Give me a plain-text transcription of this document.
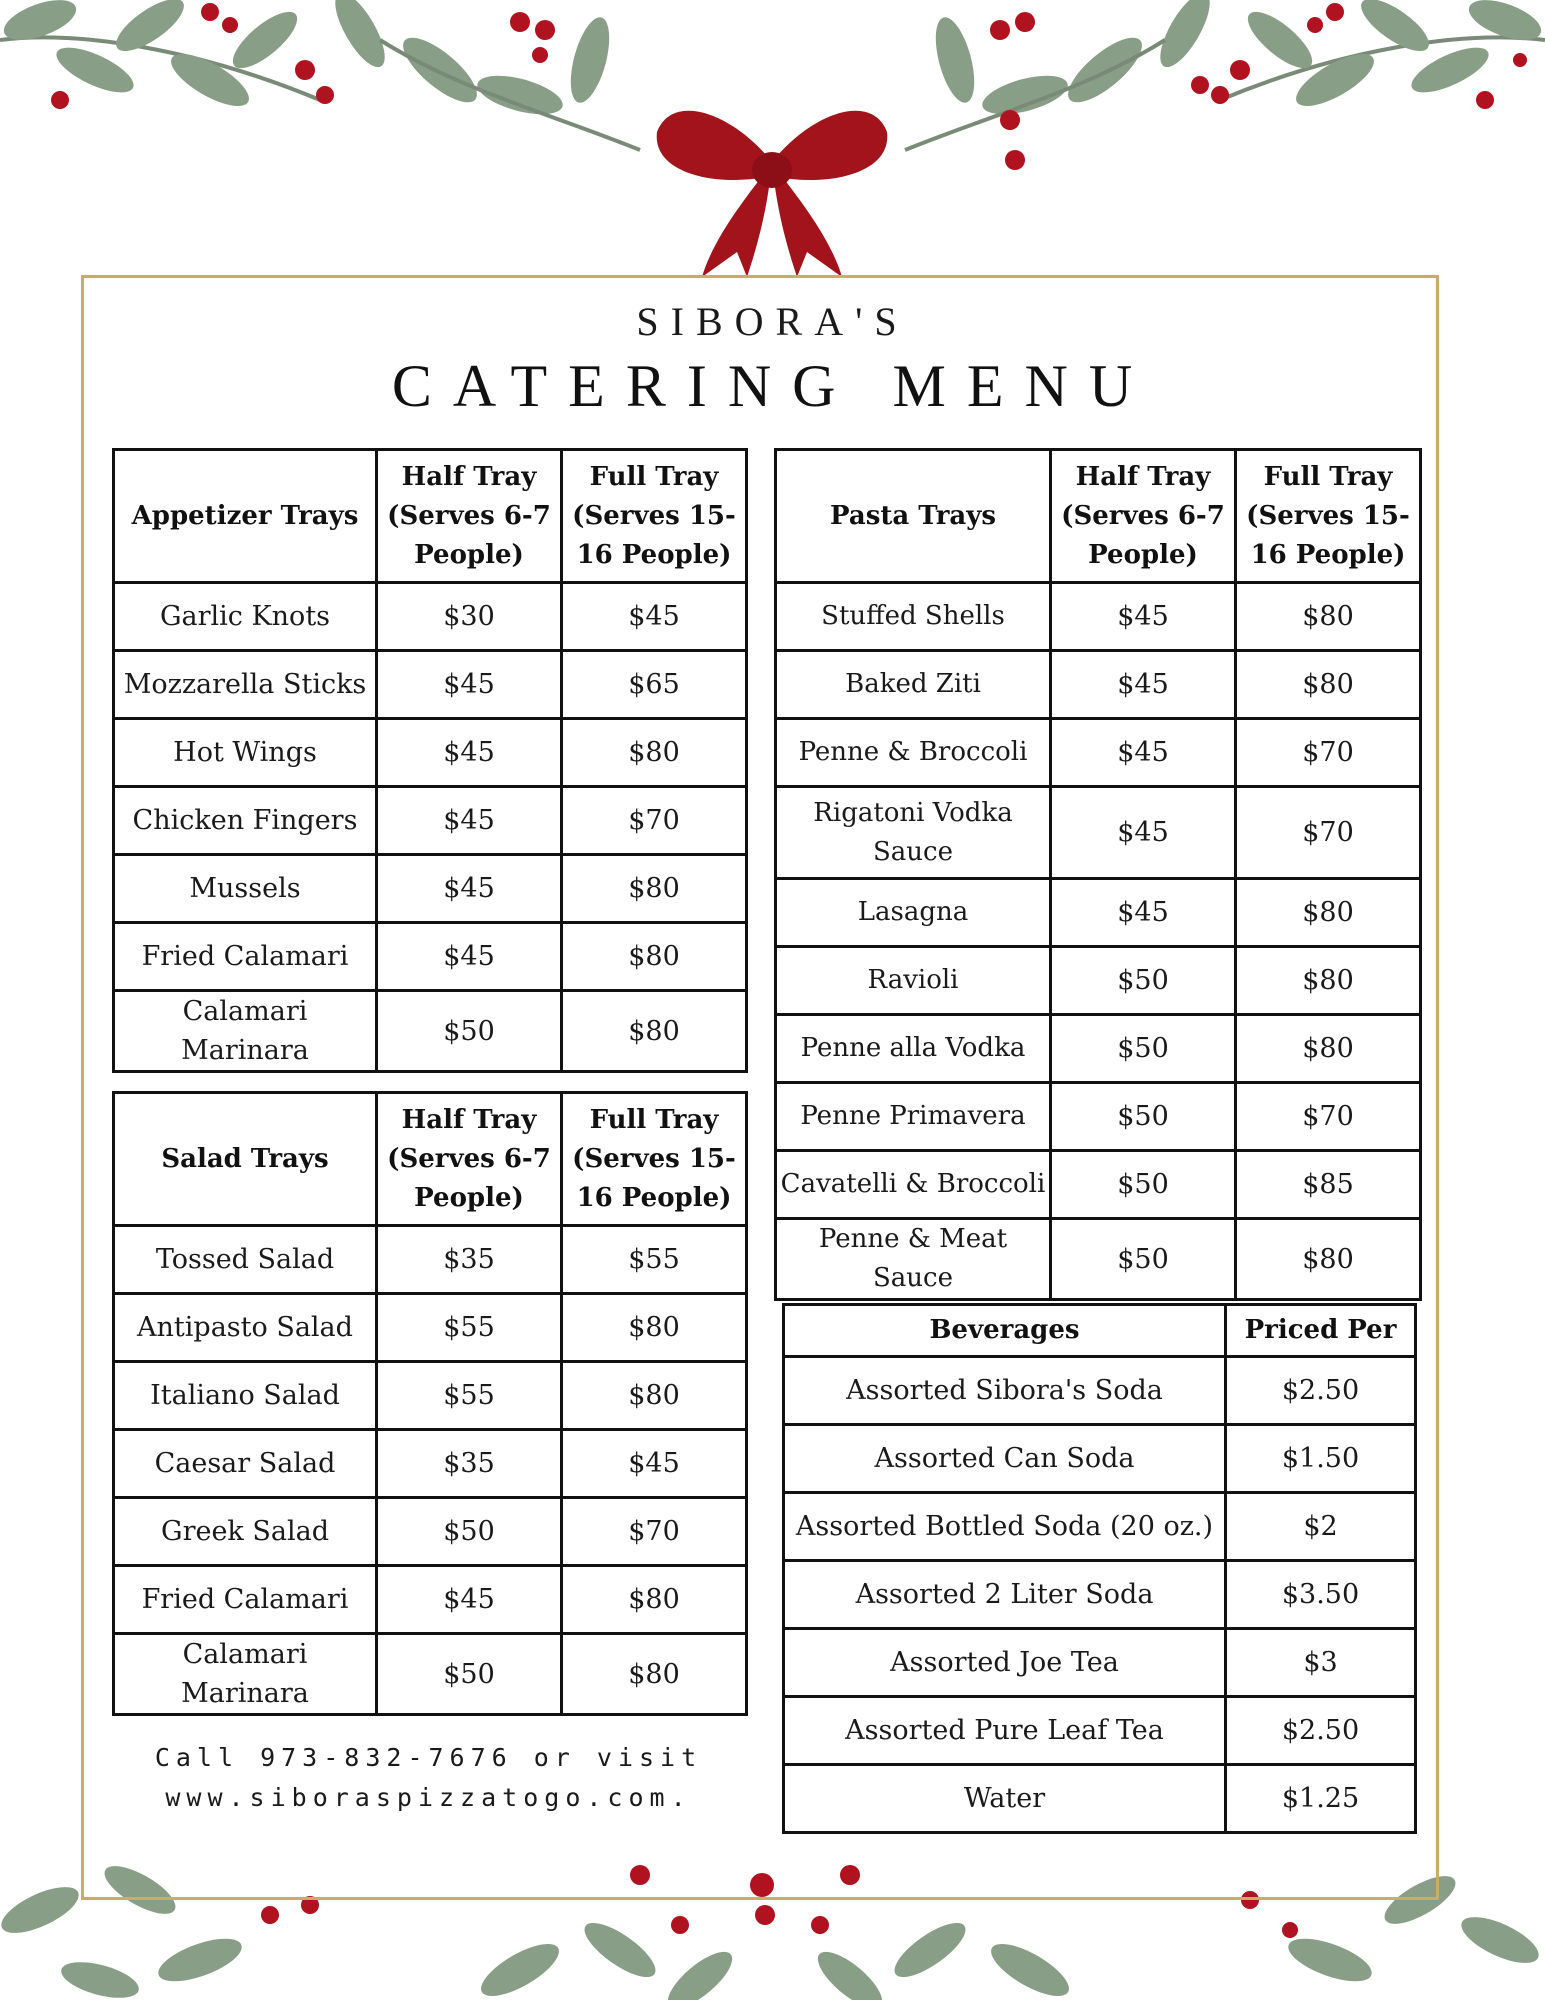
SIBORA'S
CATERING MENU
Appetizer Trays	Half Tray (Serves 6-7 People)	Full Tray (Serves 15-16 People)
Garlic Knots	$30	$45
Mozzarella Sticks	$45	$65
Hot Wings	$45	$80
Chicken Fingers	$45	$70
Mussels	$45	$80
Fried Calamari	$45	$80
Calamari Marinara	$50	$80
Salad Trays	Half Tray (Serves 6-7 People)	Full Tray (Serves 15-16 People)
Tossed Salad	$35	$55
Antipasto Salad	$55	$80
Italiano Salad	$55	$80
Caesar Salad	$35	$45
Greek Salad	$50	$70
Fried Calamari	$45	$80
Calamari Marinara	$50	$80
Pasta Trays	Half Tray (Serves 6-7 People)	Full Tray (Serves 15-16 People)
Stuffed Shells	$45	$80
Baked Ziti	$45	$80
Penne & Broccoli	$45	$70
Rigatoni Vodka Sauce	$45	$70
Lasagna	$45	$80
Ravioli	$50	$80
Penne alla Vodka	$50	$80
Penne Primavera	$50	$70
Cavatelli & Broccoli	$50	$85
Penne & Meat Sauce	$50	$80
Beverages	Priced Per
Assorted Sibora's Soda	$2.50
Assorted Can Soda	$1.50
Assorted Bottled Soda (20 oz.)	$2
Assorted 2 Liter Soda	$3.50
Assorted Joe Tea	$3
Assorted Pure Leaf Tea	$2.50
Water	$1.25
Call 973-832-7676 or visit
www.siboraspizzatogo.com.
